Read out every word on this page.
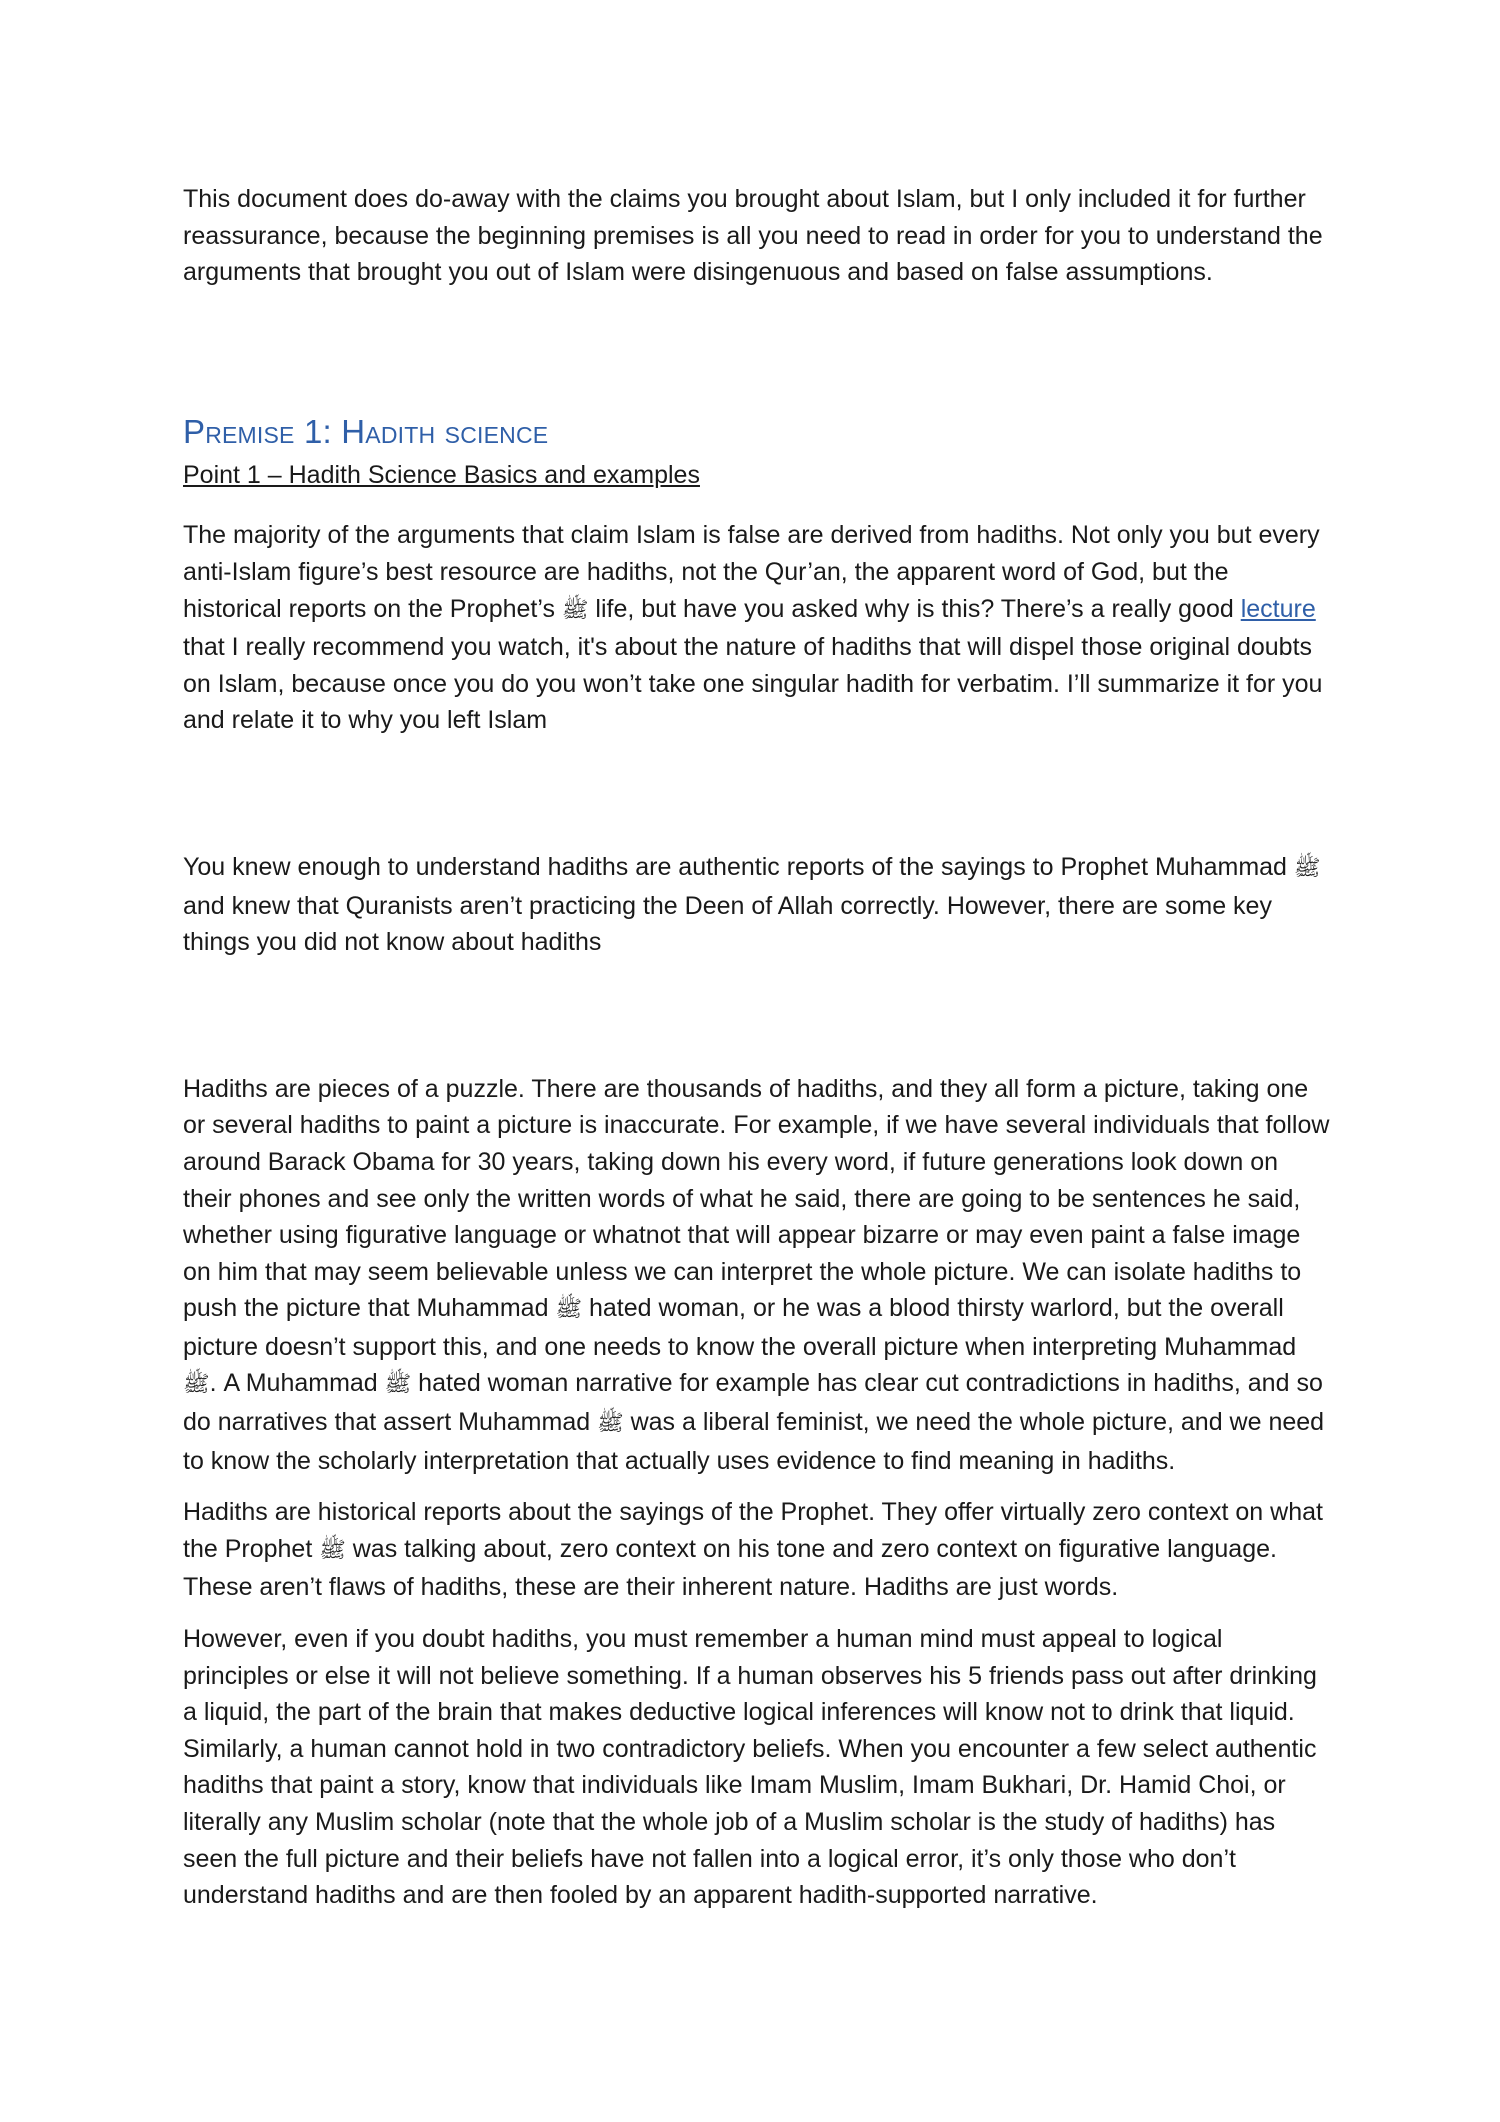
This document does do-away with the claims you brought about Islam, but I only included it for further reassurance, because the beginning premises is all you need to read in order for you to understand the arguments that brought you out of Islam were disingenuous and based on false assumptions.

Premise 1: Hadith science

Point 1 – Hadith Science Basics and examples

The majority of the arguments that claim Islam is false are derived from hadiths. Not only you but every anti-Islam figure’s best resource are hadiths, not the Qur’an, the apparent word of God, but the historical reports on the Prophet’s ﷺ life, but have you asked why is this? There’s a really good lecture that I really recommend you watch, it's about the nature of hadiths that will dispel those original doubts on Islam, because once you do you won’t take one singular hadith for verbatim. I’ll summarize it for you and relate it to why you left Islam

You knew enough to understand hadiths are authentic reports of the sayings to Prophet Muhammad ﷺ and knew that Quranists aren’t practicing the Deen of Allah correctly. However, there are some key things you did not know about hadiths

Hadiths are pieces of a puzzle. There are thousands of hadiths, and they all form a picture, taking one or several hadiths to paint a picture is inaccurate. For example, if we have several individuals that follow around Barack Obama for 30 years, taking down his every word, if future generations look down on their phones and see only the written words of what he said, there are going to be sentences he said, whether using figurative language or whatnot that will appear bizarre or may even paint a false image on him that may seem believable unless we can interpret the whole picture. We can isolate hadiths to push the picture that Muhammad ﷺ hated woman, or he was a blood thirsty warlord, but the overall picture doesn’t support this, and one needs to know the overall picture when interpreting Muhammad ﷺ. A Muhammad ﷺ hated woman narrative for example has clear cut contradictions in hadiths, and so do narratives that assert Muhammad ﷺ was a liberal feminist, we need the whole picture, and we need to know the scholarly interpretation that actually uses evidence to find meaning in hadiths.

Hadiths are historical reports about the sayings of the Prophet. They offer virtually zero context on what the Prophet ﷺ was talking about, zero context on his tone and zero context on figurative language. These aren’t flaws of hadiths, these are their inherent nature. Hadiths are just words.

However, even if you doubt hadiths, you must remember a human mind must appeal to logical principles or else it will not believe something. If a human observes his 5 friends pass out after drinking a liquid, the part of the brain that makes deductive logical inferences will know not to drink that liquid. Similarly, a human cannot hold in two contradictory beliefs. When you encounter a few select authentic hadiths that paint a story, know that individuals like Imam Muslim, Imam Bukhari, Dr. Hamid Choi, or literally any Muslim scholar (note that the whole job of a Muslim scholar is the study of hadiths) has seen the full picture and their beliefs have not fallen into a logical error, it’s only those who don’t understand hadiths and are then fooled by an apparent hadith-supported narrative.
